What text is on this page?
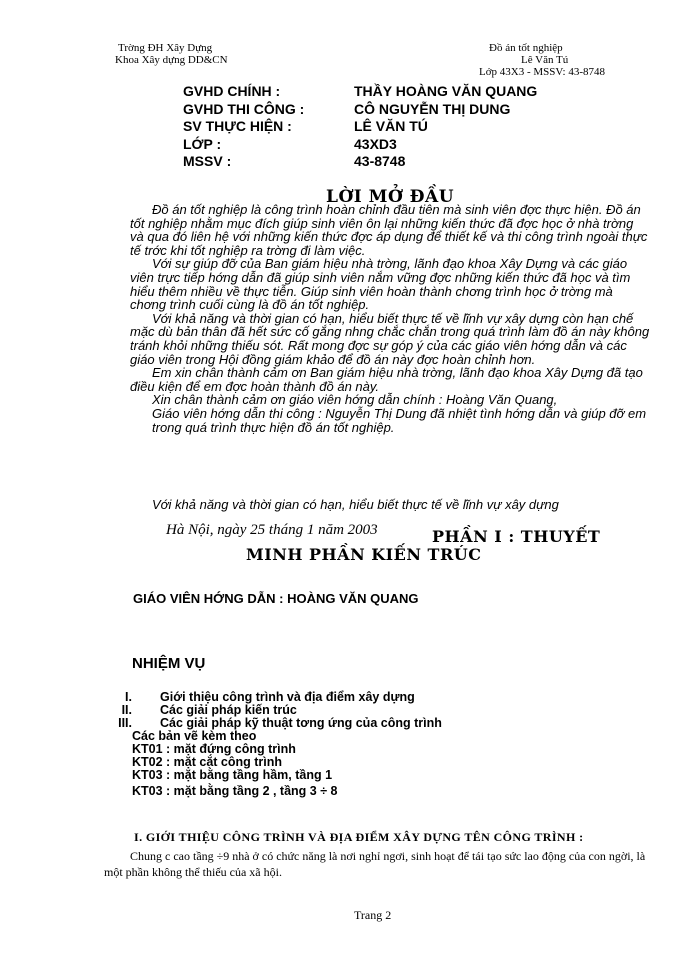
Trờng ĐH Xây Dựng
Khoa Xây dựng DD&CN
Đồ án tốt nghiệp
Lê Văn Tú
Lớp 43X3 - MSSV: 43-8748
GVHD CHÍNH :
GVHD THI CÔNG :
SV THỰC HIỆN :
LỚP :
MSSV :
THẦY HOÀNG VĂN QUANG
CÔ NGUYỄN THỊ DUNG
LÊ VĂN TÚ
43XD3
43-8748
LỜI MỞ ĐẦU

Đồ án tốt nghiệp là công trình hoàn chỉnh đầu tiên mà sinh viên đợc thực hiện. Đồ án tốt nghiệp nhằm mục đích giúp sinh viên ôn lại những kiến thức đã đợc học ở nhà trờng và qua đó liên hệ với những kiến thức đợc áp dụng để thiết kế và thi công trình ngoài thực tế trớc khi tốt nghiệp ra trờng đi làm việc.

Với sự giúp đỡ của Ban giám hiệu nhà trờng, lãnh đạo khoa Xây Dựng và các giáo viên trực tiếp hớng dẫn đã giúp sinh viên nắm vững đợc những kiến thức đã học và tìm hiểu thêm nhiều về thực tiễn. Giúp sinh viên hoàn thành chơng trình học ở trờng mà chơng trình cuối cùng là đồ án tốt nghiệp.

Với khả năng và thời gian có hạn, hiểu biết thực tế về lĩnh vự xây dựng còn hạn chế mặc dù bản thân đã hết sức cố gắng nhng chắc chắn trong quá trình làm đồ án này không tránh khỏi những thiếu sót. Rất mong đợc sự góp ý của các giáo viên hớng dẫn và các giáo viên trong Hội đồng giám khảo để đồ án này đợc hoàn chỉnh hơn.

Em xin chân thành cảm ơn Ban giám hiệu nhà trờng, lãnh đạo khoa Xây Dựng đã tạo điều kiện để em đợc hoàn thành đồ án này.

Xin chân thành cảm ơn giáo viên hớng dẫn chính : Hoàng Văn Quang,

Giáo viên hớng dẫn thi công : Nguyễn Thị Dung đã nhiệt tình hớng dẫn và giúp đỡ em trong quá trình thực hiện đồ án tốt nghiệp.

Với khả năng và thời gian có hạn, hiểu biết thực tế về lĩnh vự xây dựng
Hà Nội, ngày 25 tháng 1 năm 2003	PHẦN I : THUYẾT
MINH PHẦN KIẾN TRÚC
GIÁO VIÊN HỚNG DẪN : HOÀNG VĂN QUANG
NHIỆM VỤ
I. Giới thiệu công trình và địa điểm xây dựng
II. Các giải pháp kiến trúc
III. Các giải pháp kỹ thuật tơng ứng của công trình
Các bản vẽ kèm theo
KT01 : mặt đứng công trình
KT02 : mặt cắt công trình
KT03 : mặt bằng tầng hầm, tầng 1
KT03 : mặt bằng tầng 2 , tầng 3 ÷ 8
I. GIỚI THIỆU CÔNG TRÌNH VÀ ĐỊA ĐIỂM XÂY DỰNG TÊN CÔNG TRÌNH :
Chung c cao tầng ÷9 nhà ở có chức năng là nơi nghỉ ngơi, sinh hoạt để tái tạo sức lao động của con ngời, là một phần không thể thiếu của xã hội.
Trang 2
